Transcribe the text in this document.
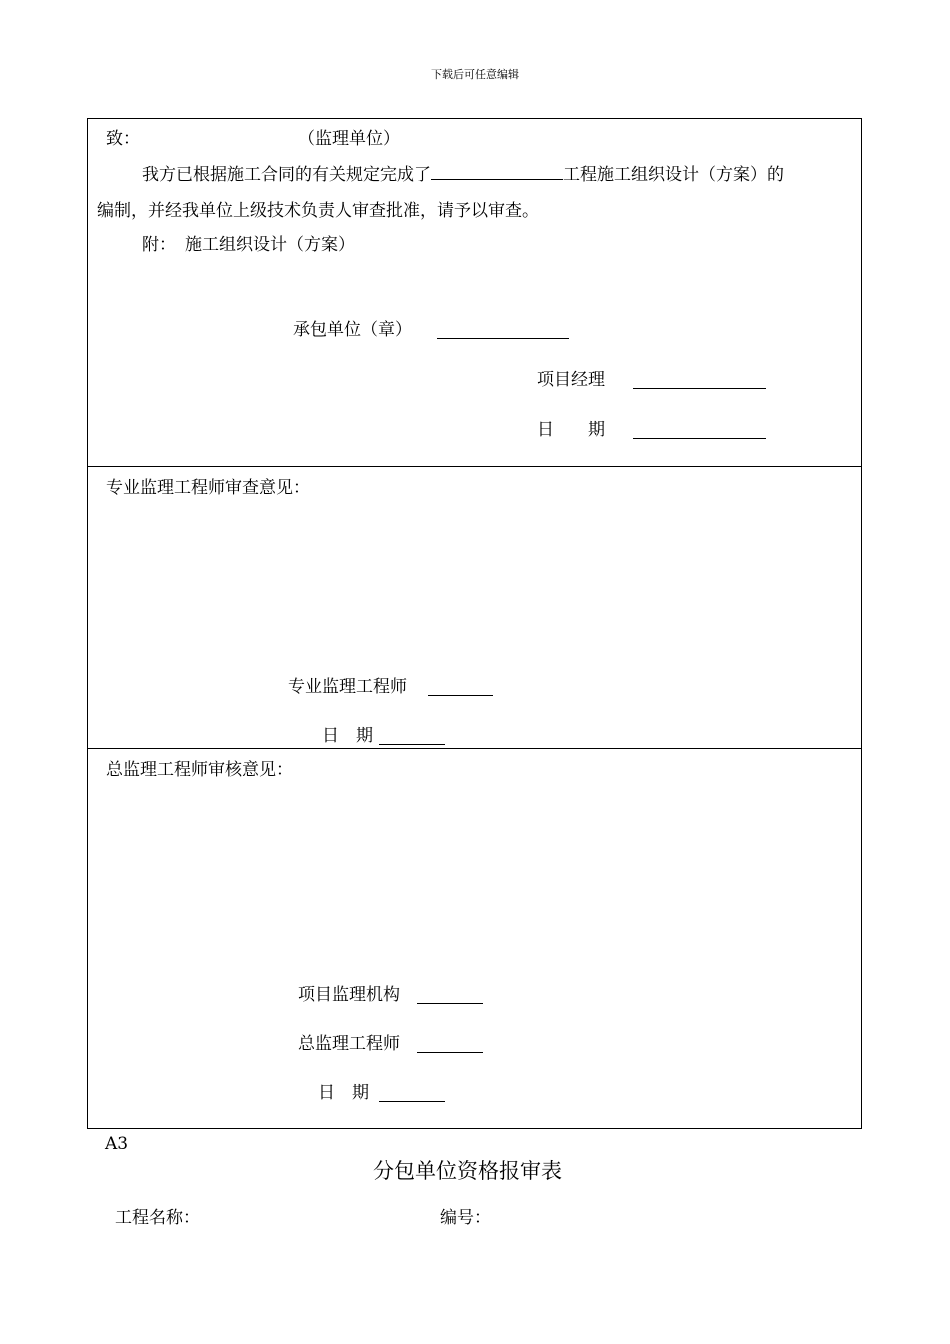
下载后可任意编辑
致：	（监理单位）
我方已根据施工合同的有关规定完成了	工程施工组织设计（方案）的
编制，并经我单位上级技术负责人审查批准，请予以审查。
附： 施工组织设计（方案）
承包单位（章）
项目经理
日　　期
专业监理工程师审查意见：
专业监理工程师
日　期
总监理工程师审核意见：
项目监理机构
总监理工程师
日　期
A3
分包单位资格报审表
工程名称：	编号：
